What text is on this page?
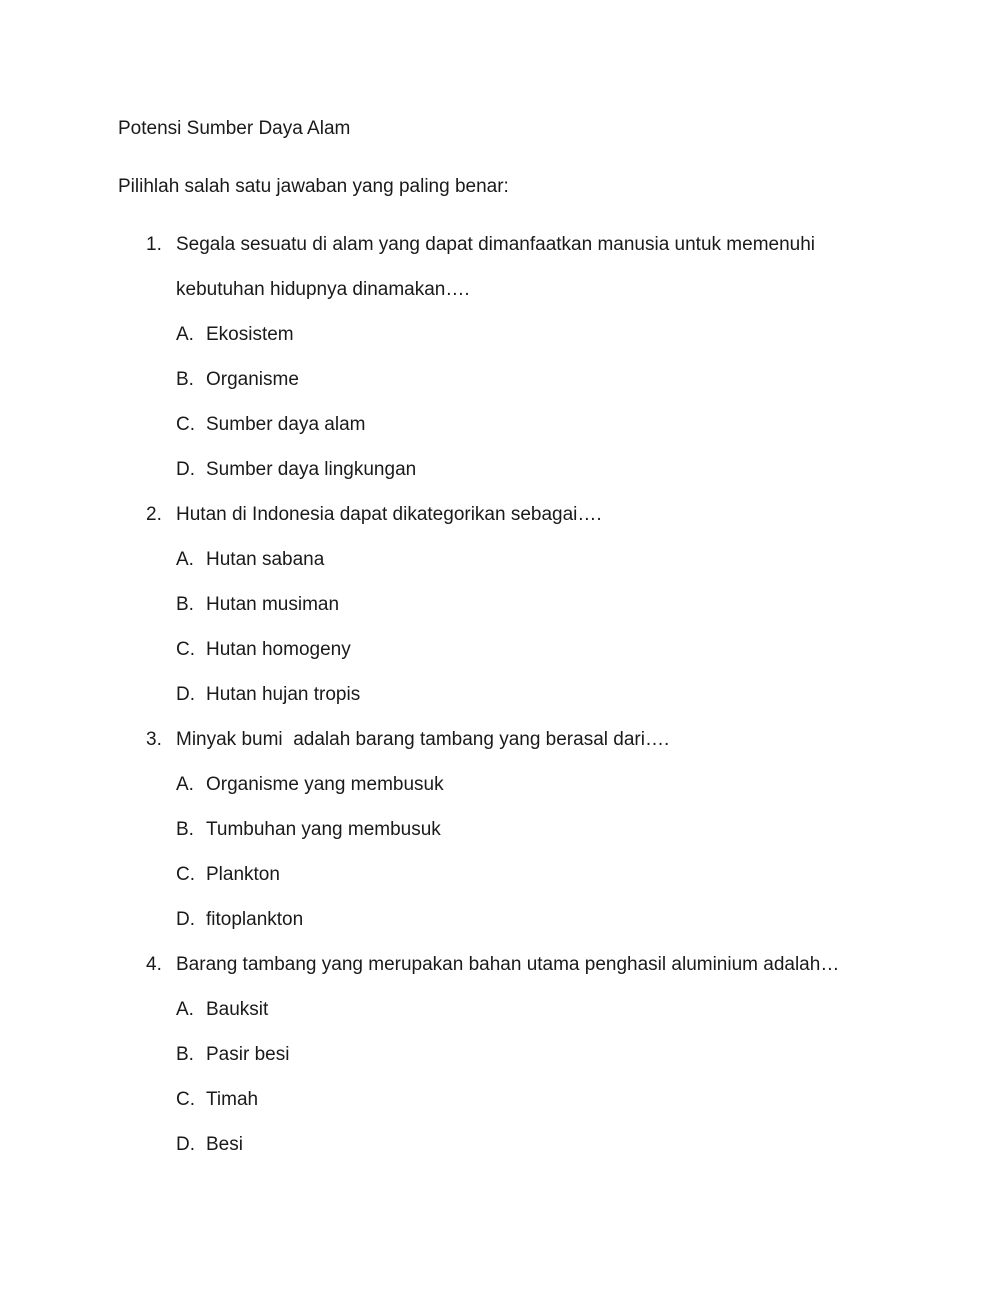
Potensi Sumber Daya Alam
Pilihlah salah satu jawaban yang paling benar:
1. Segala sesuatu di alam yang dapat dimanfaatkan manusia untuk memenuhi
kebutuhan hidupnya dinamakan….
A. Ekosistem
B. Organisme
C. Sumber daya alam
D. Sumber daya lingkungan
2. Hutan di Indonesia dapat dikategorikan sebagai….
A. Hutan sabana
B. Hutan musiman
C. Hutan homogeny
D. Hutan hujan tropis
3. Minyak bumi  adalah barang tambang yang berasal dari….
A. Organisme yang membusuk
B. Tumbuhan yang membusuk
C. Plankton
D. fitoplankton
4. Barang tambang yang merupakan bahan utama penghasil aluminium adalah…
A. Bauksit
B. Pasir besi
C. Timah
D. Besi
